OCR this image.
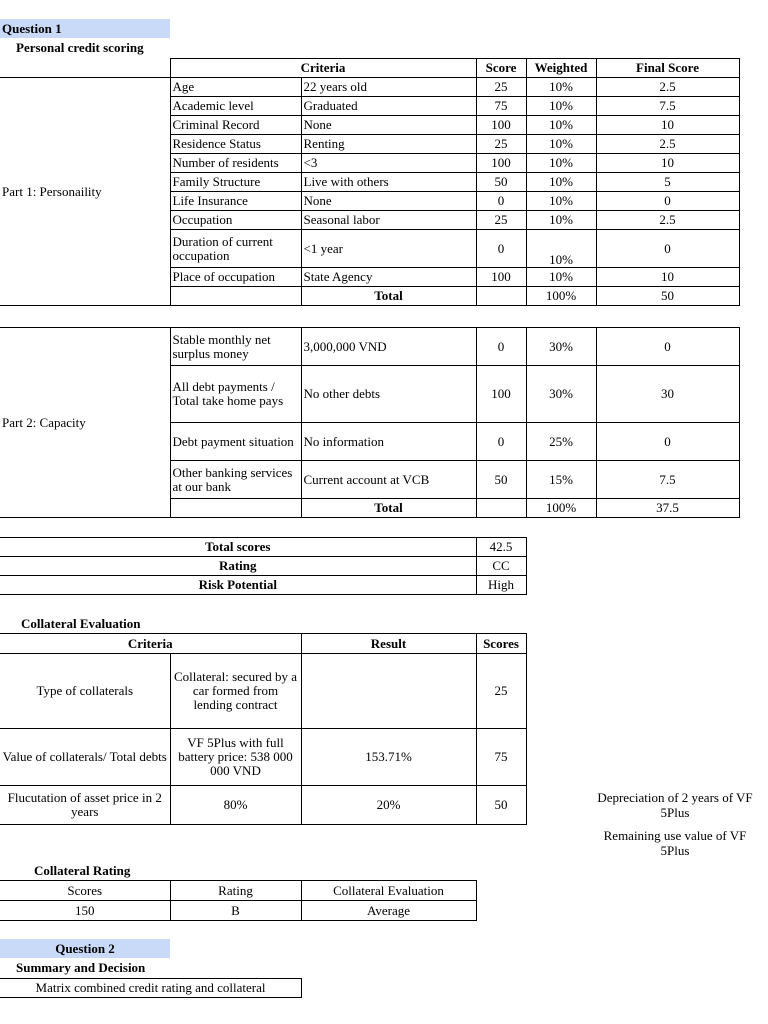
Question 1
Personal credit scoring
	Criteria		Score	Weighted	Final Score
Part 1: Personaility	Age	22 years old	25	10%	2.5
	Academic level	Graduated	75	10%	7.5
	Criminal Record	None	100	10%	10
	Residence Status	Renting	25	10%	2.5
	Number of residents	<3	100	10%	10
	Family Structure	Live with others	50	10%	5
	Life Insurance	None	0	10%	0
	Occupation	Seasonal labor	25	10%	2.5
	Duration of current occupation	<1 year	0	10%	0
	Place of occupation	State Agency	100	10%	10
		Total		100%	50
Part 2: Capacity	Stable monthly net surplus money	3,000,000 VND	0	30%	0
	All debt payments / Total take home pays	No other debts	100	30%	30
	Debt payment situation	No information	0	25%	0
	Other banking services at our bank	Current account at VCB	50	15%	7.5
		Total		100%	37.5
Total scores	42.5
Rating	CC
Risk Potential	High
Collateral Evaluation
Criteria		Result	Scores
Type of collaterals	Collateral: secured by a car formed from lending contract		25
Value of collaterals/ Total debts	VF 5Plus with full battery price: 538 000 000 VND	153.71%	75
Flucutation of asset price in 2 years	80%	20%	50	Depreciation of 2 years of VF 5Plus
Remaining use value of VF 5Plus
Collateral Rating
Scores	Rating	Collateral Evaluation
150	B	Average
Question 2
Summary and Decision
Matrix combined credit rating and collateral
